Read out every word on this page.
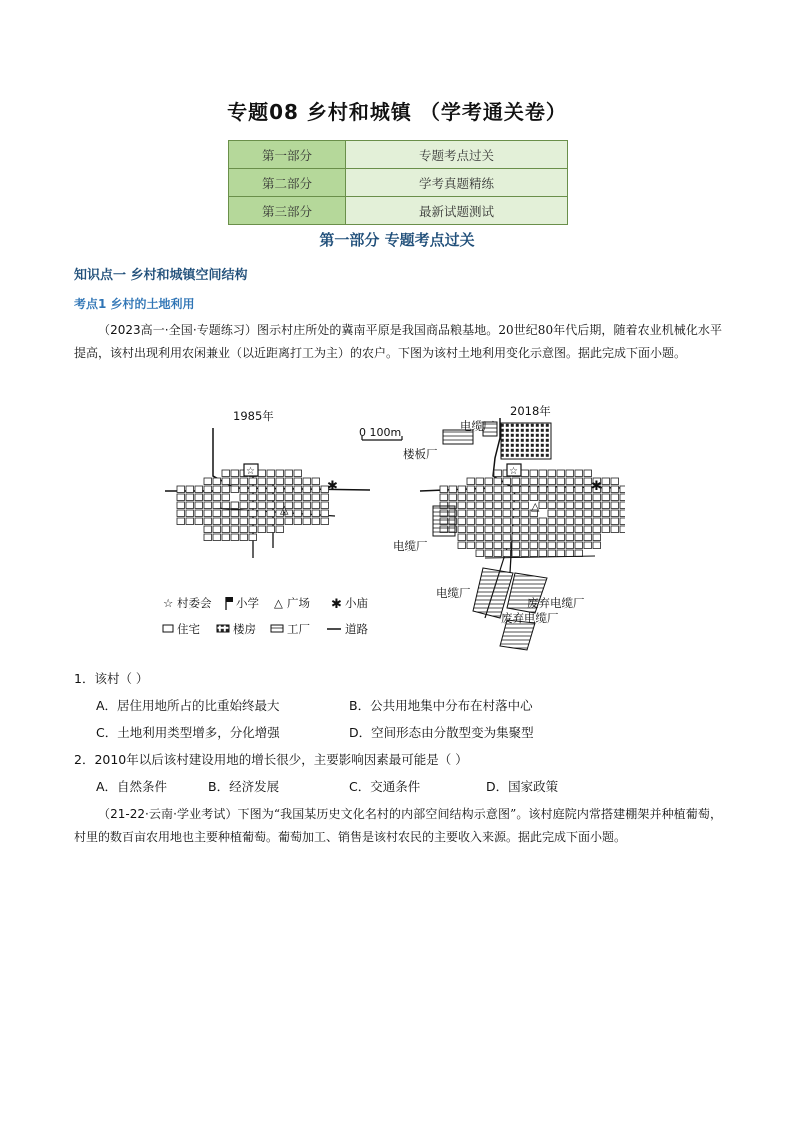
专题08 乡村和城镇 （学考通关卷）
第一部分	专题考点过关
第二部分	学考真题精练
第三部分	最新试题测试
第一部分 专题考点过关
知识点一 乡村和城镇空间结构
考点1 乡村的土地利用
（2023高一·全国·专题练习）图示村庄所处的冀南平原是我国商品粮基地。20世纪80年代后期，随着农业机械化水平提高，该村出现利用农闲兼业（以近距离打工为主）的农户。下图为该村土地利用变化示意图。据此完成下面小题。
1985年
☆
△
✱
☆ 村委会 小学 △ 广场 ✱ 小庙
住宅	楼房	工厂	道路
0 100m
2018年
☆
△
✱
电缆厂
楼板厂
电缆厂
电缆厂
废弃电缆厂
废弃电缆厂
1．该村（ ）
A．居住用地所占的比重始终最大	B．公共用地集中分布在村落中心
C．土地利用类型增多，分化增强	D．空间形态由分散型变为集聚型
2．2010年以后该村建设用地的增长很少，主要影响因素最可能是（ ）
A．自然条件	B．经济发展	C．交通条件	D．国家政策
（21-22·云南·学业考试）下图为“我国某历史文化名村的内部空间结构示意图”。该村庭院内常搭建棚架并种植葡萄，村里的数百亩农用地也主要种植葡萄。葡萄加工、销售是该村农民的主要收入来源。据此完成下面小题。
